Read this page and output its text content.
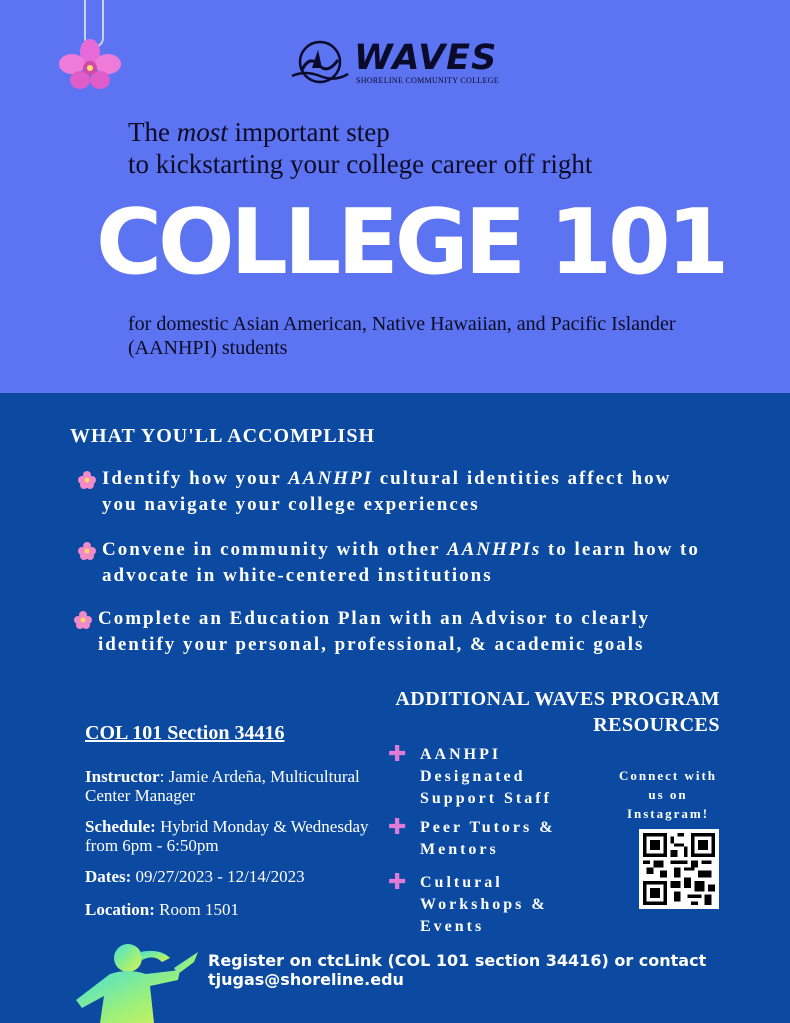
WAVES
SHORELINE COMMUNITY COLLEGE
The most important step
to kickstarting your college career off right
COLLEGE 101
for domestic Asian American, Native Hawaiian, and Pacific Islander (AANHPI) students
WHAT YOU'LL ACCOMPLISH
Identify how your AANHPI cultural identities affect how you navigate your college experiences
Convene in community with other AANHPIs to learn how to advocate in white-centered institutions
Complete an Education Plan with an Advisor to clearly identify your personal, professional, & academic goals
ADDITIONAL WAVES PROGRAM RESOURCES
COL 101 Section 34416
Instructor: Jamie Ardeña, Multicultural Center Manager
Schedule: Hybrid Monday & Wednesday from 6pm - 6:50pm
Dates: 09/27/2023 - 12/14/2023
Location: Room 1501
✚ AANHPI Designated Support Staff
✚ Peer Tutors & Mentors
✚ Cultural Workshops & Events
Connect with us on Instagram!
Register on ctcLink (COL 101 section 34416) or contact tjugas@shoreline.edu
